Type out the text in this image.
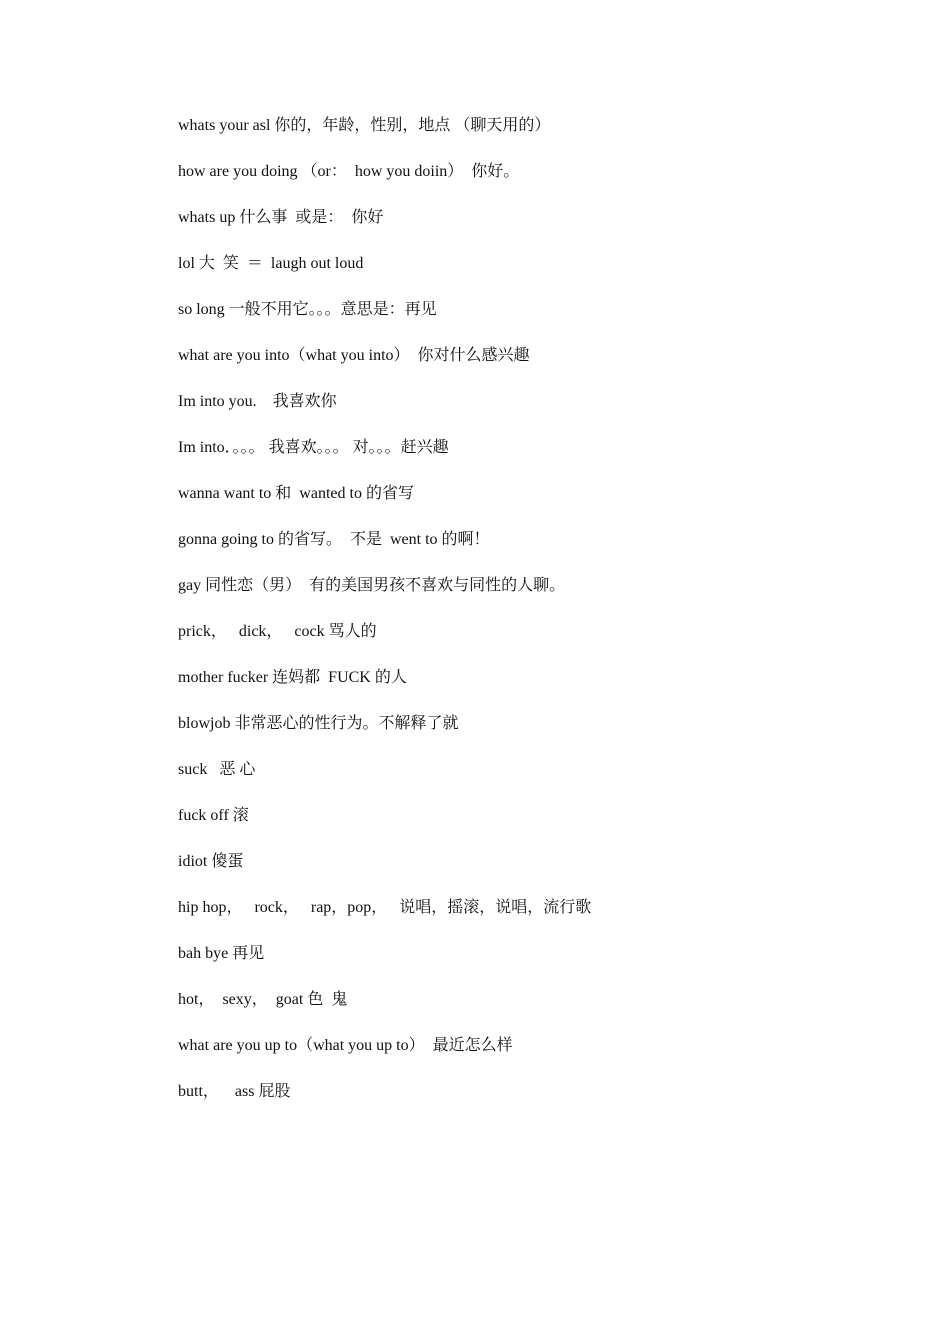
whats your asl 你的，年龄，性别，地点 （聊天用的）
how are you doing （or：  how you doiin）  你好。
whats up 什么事  或是：  你好
lol 大  笑  ＝  laugh out loud
so long 一般不用它。。。意思是：再见
what are you into（what you into）  你对什么感兴趣
Im into you.    我喜欢你
Im into．。。。 我喜欢。。。 对。。。赶兴趣
wanna want to 和  wanted to 的省写
gonna going to 的省写。  不是  went to 的啊！
gay 同性恋（男）  有的美国男孩不喜欢与同性的人聊。
prick，   dick，   cock 骂人的
mother fucker 连妈都  FUCK 的人
blowjob 非常恶心的性行为。不解释了就
suck   恶 心
fuck off 滚
idiot 傻蛋
hip hop，   rock，   rap，pop，   说唱，摇滚，说唱，流行歌
bah bye 再见
hot，  sexy，  goat 色  鬼
what are you up to（what you up to）  最近怎么样
butt，    ass 屁股
